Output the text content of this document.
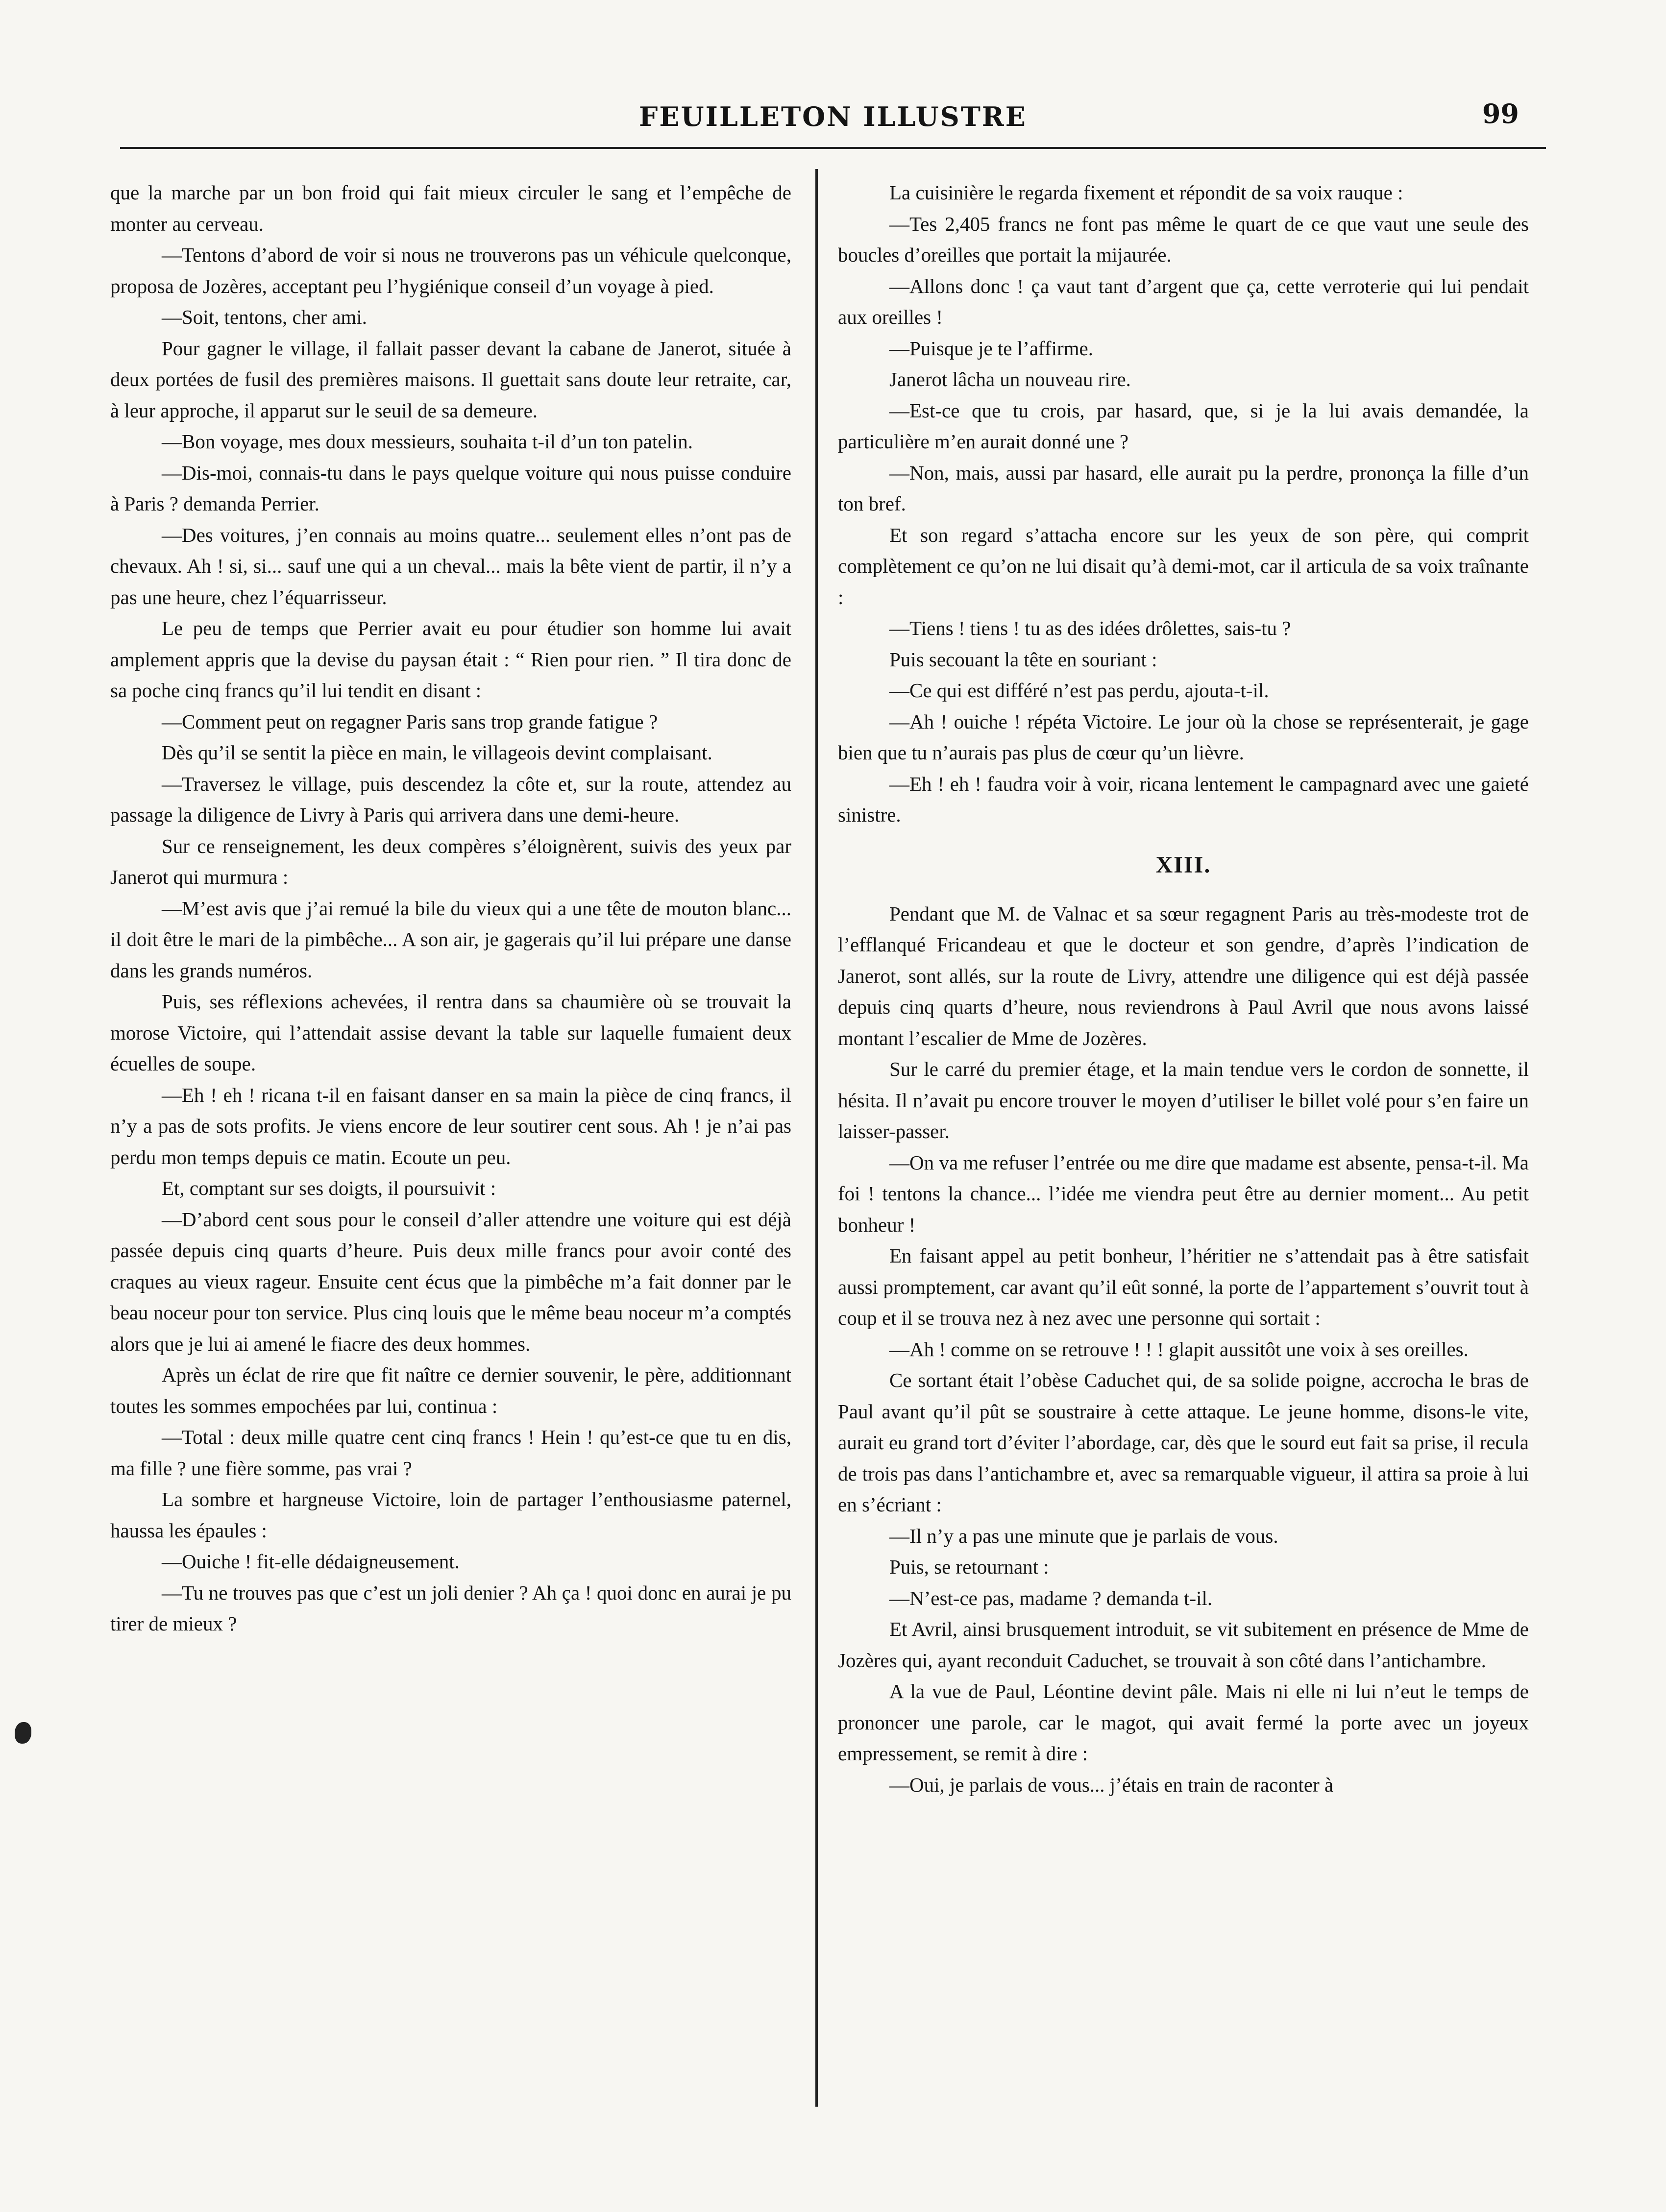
FEUILLETON ILLUSTRE	99

que la marche par un bon froid qui fait mieux circuler le sang et l’empêche de monter au cerveau.

—Tentons d’abord de voir si nous ne trouverons pas un véhicule quelconque, proposa de Jozères, acceptant peu l’hygiénique conseil d’un voyage à pied.

—Soit, tentons, cher ami.

Pour gagner le village, il fallait passer devant la cabane de Janerot, située à deux portées de fusil des premières maisons. Il guettait sans doute leur retraite, car, à leur approche, il apparut sur le seuil de sa demeure.

—Bon voyage, mes doux messieurs, souhaita t-il d’un ton patelin.

—Dis-moi, connais-tu dans le pays quelque voiture qui nous puisse conduire à Paris ? demanda Perrier.

—Des voitures, j’en connais au moins quatre... seulement elles n’ont pas de chevaux. Ah ! si, si... sauf une qui a un cheval... mais la bête vient de partir, il n’y a pas une heure, chez l’équarrisseur.

Le peu de temps que Perrier avait eu pour étudier son homme lui avait amplement appris que la devise du paysan était : “ Rien pour rien. ” Il tira donc de sa poche cinq francs qu’il lui tendit en disant :

—Comment peut on regagner Paris sans trop grande fatigue ?

Dès qu’il se sentit la pièce en main, le villageois devint complaisant.

—Traversez le village, puis descendez la côte et, sur la route, attendez au passage la diligence de Livry à Paris qui arrivera dans une demi-heure.

Sur ce renseignement, les deux compères s’éloignèrent, suivis des yeux par Janerot qui murmura :

—M’est avis que j’ai remué la bile du vieux qui a une tête de mouton blanc... il doit être le mari de la pimbêche... A son air, je gagerais qu’il lui prépare une danse dans les grands numéros.

Puis, ses réflexions achevées, il rentra dans sa chaumière où se trouvait la morose Victoire, qui l’attendait assise devant la table sur laquelle fumaient deux écuelles de soupe.

—Eh ! eh ! ricana t-il en faisant danser en sa main la pièce de cinq francs, il n’y a pas de sots profits. Je viens encore de leur soutirer cent sous. Ah ! je n’ai pas perdu mon temps depuis ce matin. Ecoute un peu.

Et, comptant sur ses doigts, il poursuivit :

—D’abord cent sous pour le conseil d’aller attendre une voiture qui est déjà passée depuis cinq quarts d’heure. Puis deux mille francs pour avoir conté des craques au vieux rageur. Ensuite cent écus que la pimbêche m’a fait donner par le beau noceur pour ton service. Plus cinq louis que le même beau noceur m’a comptés alors que je lui ai amené le fiacre des deux hommes.

Après un éclat de rire que fit naître ce dernier souvenir, le père, additionnant toutes les sommes empochées par lui, continua :

—Total : deux mille quatre cent cinq francs ! Hein ! qu’est-ce que tu en dis, ma fille ? une fière somme, pas vrai ?

La sombre et hargneuse Victoire, loin de partager l’enthousiasme paternel, haussa les épaules :

—Ouiche ! fit-elle dédaigneusement.

—Tu ne trouves pas que c’est un joli denier ? Ah ça ! quoi donc en aurai je pu tirer de mieux ?

La cuisinière le regarda fixement et répondit de sa voix rauque :

—Tes 2,405 francs ne font pas même le quart de ce que vaut une seule des boucles d’oreilles que portait la mijaurée.

—Allons donc ! ça vaut tant d’argent que ça, cette verroterie qui lui pendait aux oreilles !

—Puisque je te l’affirme.

Janerot lâcha un nouveau rire.

—Est-ce que tu crois, par hasard, que, si je la lui avais demandée, la particulière m’en aurait donné une ?

—Non, mais, aussi par hasard, elle aurait pu la perdre, prononça la fille d’un ton bref.

Et son regard s’attacha encore sur les yeux de son père, qui comprit complètement ce qu’on ne lui disait qu’à demi-mot, car il articula de sa voix traînante :

—Tiens ! tiens ! tu as des idées drôlettes, sais-tu ?

Puis secouant la tête en souriant :

—Ce qui est différé n’est pas perdu, ajouta-t-il.

—Ah ! ouiche ! répéta Victoire. Le jour où la chose se représenterait, je gage bien que tu n’aurais pas plus de cœur qu’un lièvre.

—Eh ! eh ! faudra voir à voir, ricana lentement le campagnard avec une gaieté sinistre.

XIII.

Pendant que M. de Valnac et sa sœur regagnent Paris au très-modeste trot de l’efflanqué Fricandeau et que le docteur et son gendre, d’après l’indication de Janerot, sont allés, sur la route de Livry, attendre une diligence qui est déjà passée depuis cinq quarts d’heure, nous reviendrons à Paul Avril que nous avons laissé montant l’escalier de Mme de Jozères.

Sur le carré du premier étage, et la main tendue vers le cordon de sonnette, il hésita. Il n’avait pu encore trouver le moyen d’utiliser le billet volé pour s’en faire un laisser-passer.

—On va me refuser l’entrée ou me dire que madame est absente, pensa-t-il. Ma foi ! tentons la chance... l’idée me viendra peut être au dernier moment... Au petit bonheur !

En faisant appel au petit bonheur, l’héritier ne s’attendait pas à être satisfait aussi promptement, car avant qu’il eût sonné, la porte de l’appartement s’ouvrit tout à coup et il se trouva nez à nez avec une personne qui sortait :

—Ah ! comme on se retrouve ! ! ! glapit aussitôt une voix à ses oreilles.

Ce sortant était l’obèse Caduchet qui, de sa solide poigne, accrocha le bras de Paul avant qu’il pût se soustraire à cette attaque. Le jeune homme, disons-le vite, aurait eu grand tort d’éviter l’abordage, car, dès que le sourd eut fait sa prise, il recula de trois pas dans l’antichambre et, avec sa remarquable vigueur, il attira sa proie à lui en s’écriant :

—Il n’y a pas une minute que je parlais de vous.

Puis, se retournant :

—N’est-ce pas, madame ? demanda t-il.

Et Avril, ainsi brusquement introduit, se vit subitement en présence de Mme de Jozères qui, ayant reconduit Caduchet, se trouvait à son côté dans l’antichambre.

A la vue de Paul, Léontine devint pâle. Mais ni elle ni lui n’eut le temps de prononcer une parole, car le magot, qui avait fermé la porte avec un joyeux empressement, se remit à dire :

—Oui, je parlais de vous... j’étais en train de raconter à
